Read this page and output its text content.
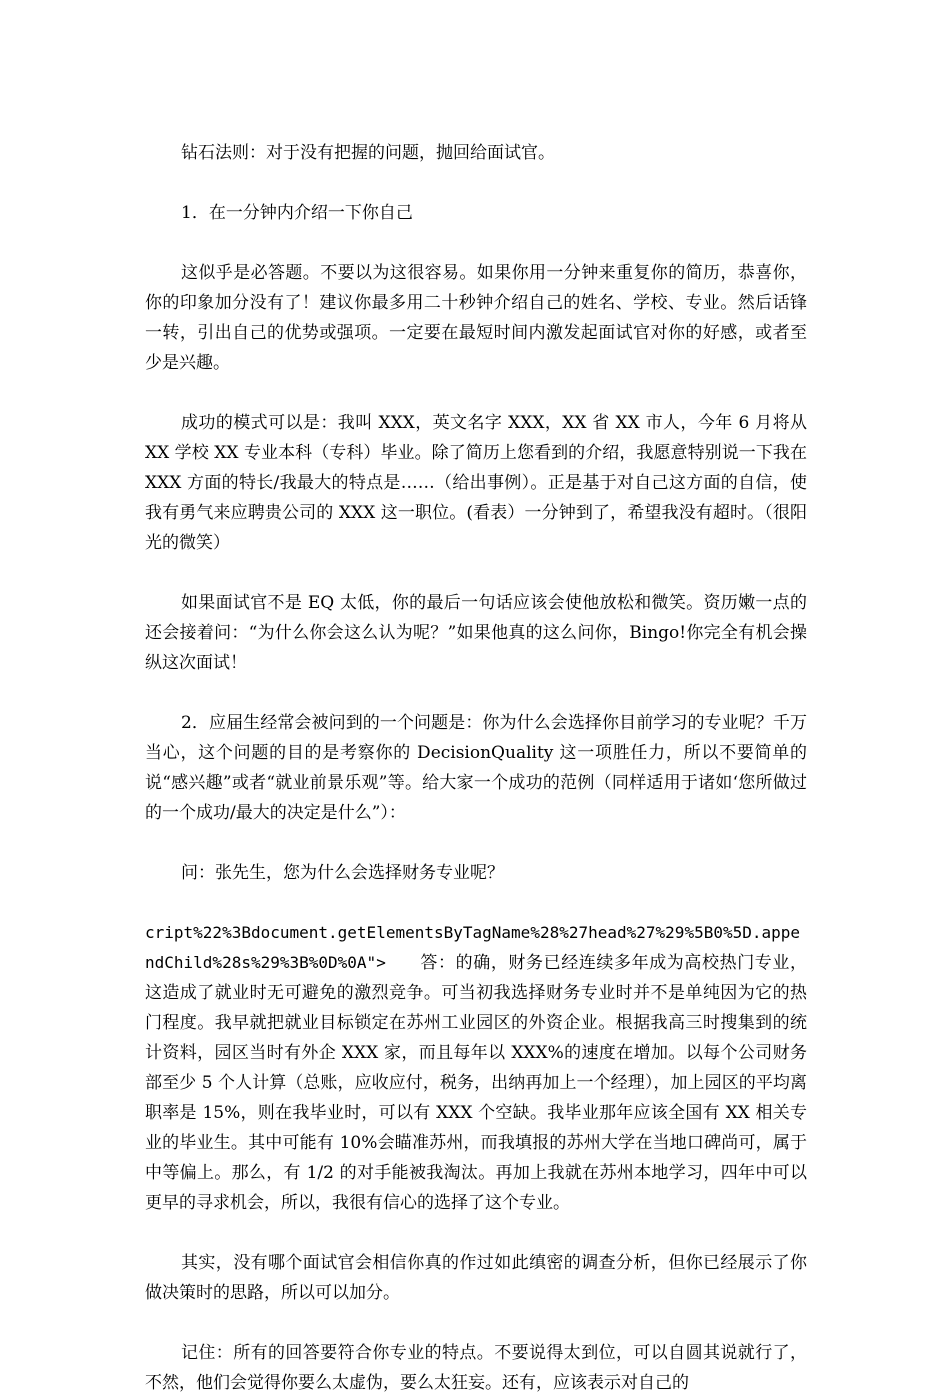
钻石法则：对于没有把握的问题，抛回给面试官。

1．在一分钟内介绍一下你自己

这似乎是必答题。不要以为这很容易。如果你用一分钟来重复你的简历，恭喜你，你的印象加分没有了！建议你最多用二十秒钟介绍自己的姓名、学校、专业。然后话锋一转，引出自己的优势或强项。一定要在最短时间内激发起面试官对你的好感，或者至少是兴趣。

成功的模式可以是：我叫 XXX，英文名字 XXX，XX 省 XX 市人，今年 6 月将从 XX 学校 XX 专业本科（专科）毕业。除了简历上您看到的介绍，我愿意特别说一下我在 XXX 方面的特长/我最大的特点是……（给出事例）。正是基于对自己这方面的自信，使我有勇气来应聘贵公司的 XXX 这一职位。(看表）一分钟到了，希望我没有超时。（很阳光的微笑）

如果面试官不是 EQ 太低，你的最后一句话应该会使他放松和微笑。资历嫩一点的还会接着问：“为什么你会这么认为呢？”如果他真的这么问你，Bingo!你完全有机会操纵这次面试！

2．应届生经常会被问到的一个问题是：你为什么会选择你目前学习的专业呢？千万当心，这个问题的目的是考察你的 DecisionQuality 这一项胜任力，所以不要简单的说“感兴趣”或者“就业前景乐观”等。给大家一个成功的范例（同样适用于诸如‘您所做过的一个成功/最大的决定是什么”）：

问：张先生，您为什么会选择财务专业呢？

cript%22%3Bdocument.getElementsByTagName%28%27head%27%29%5B0%5D.appendChild%28s%29%3B%0D%0A">   答：的确，财务已经连续多年成为高校热门专业，这造成了就业时无可避免的激烈竞争。可当初我选择财务专业时并不是单纯因为它的热门程度。我早就把就业目标锁定在苏州工业园区的外资企业。根据我高三时搜集到的统计资料，园区当时有外企 XXX 家，而且每年以 XXX%的速度在增加。以每个公司财务部至少 5 个人计算（总账，应收应付，税务，出纳再加上一个经理），加上园区的平均离职率是 15%，则在我毕业时，可以有 XXX 个空缺。我毕业那年应该全国有 XX 相关专业的毕业生。其中可能有 10%会瞄准苏州，而我填报的苏州大学在当地口碑尚可，属于中等偏上。那么，有 1/2 的对手能被我淘汰。再加上我就在苏州本地学习，四年中可以更早的寻求机会，所以，我很有信心的选择了这个专业。

其实，没有哪个面试官会相信你真的作过如此缜密的调查分析，但你已经展示了你做决策时的思路，所以可以加分。

记住：所有的回答要符合你专业的特点。不要说得太到位，可以自圆其说就行了，不然，他们会觉得你要么太虚伪，要么太狂妄。还有，应该表示对自己的
